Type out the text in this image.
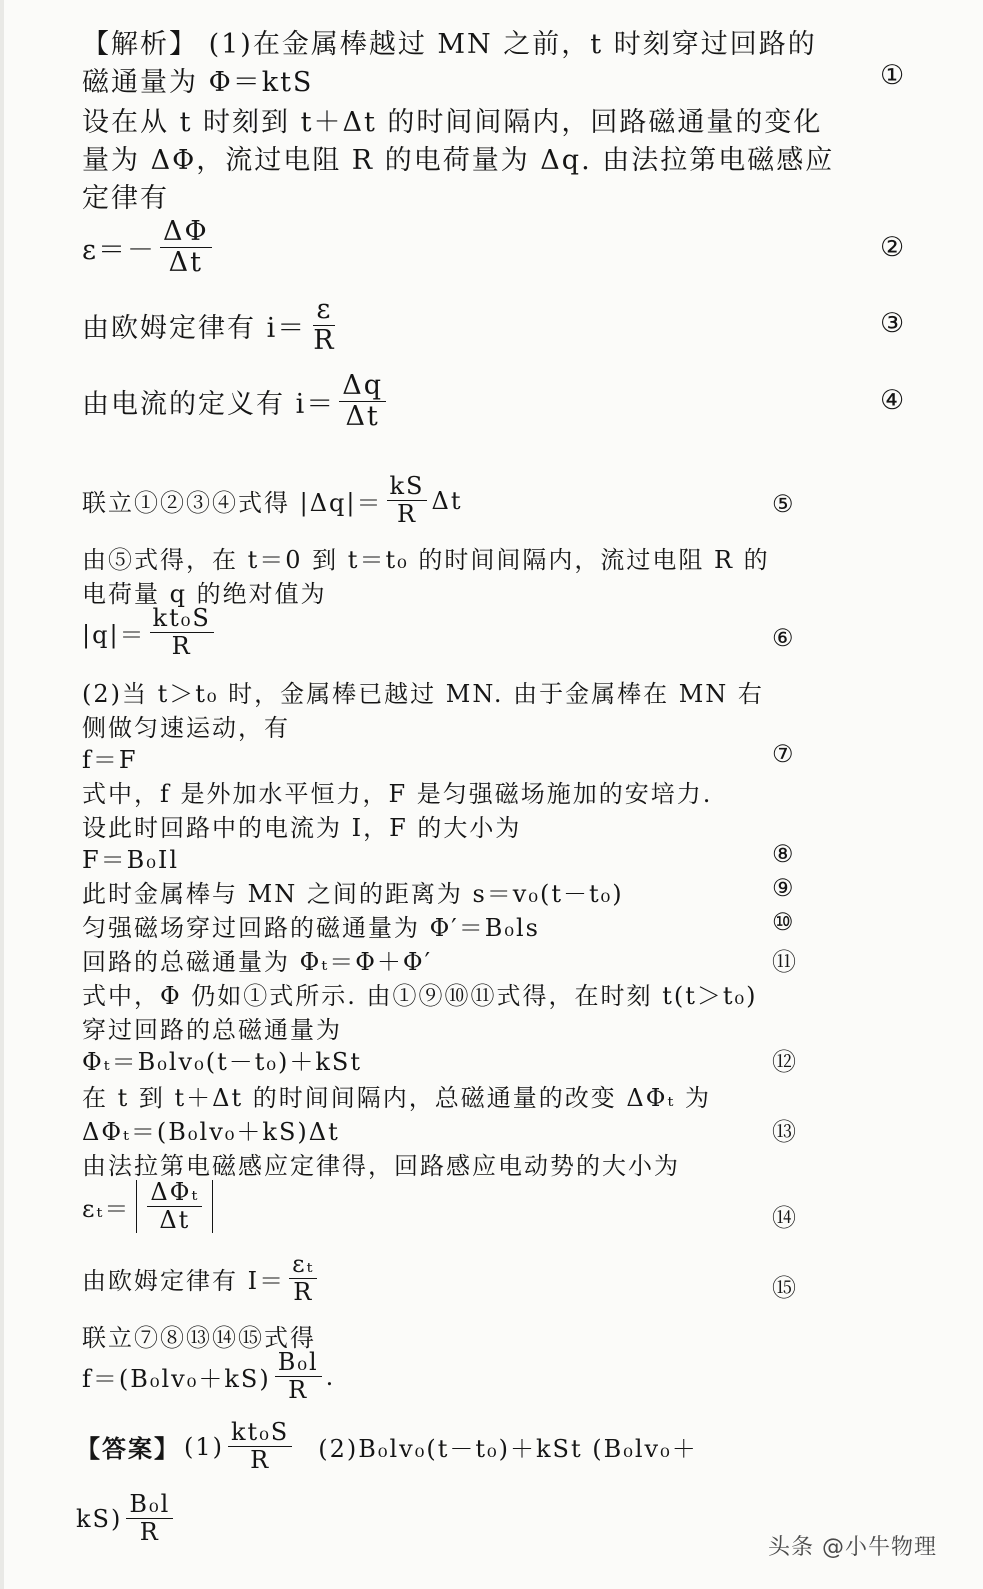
【解析】 (1)在金属棒越过 MN 之前，t 时刻穿过回路的
磁通量为 Φ＝ktS	①
设在从 t 时刻到 t＋Δt 的时间间隔内，回路磁通量的变化
量为 ΔΦ，流过电阻 R 的电荷量为 Δq. 由法拉第电磁感应
定律有
$\varepsilon=- \frac{\Delta\Phi}{\Delta t}$	②
由欧姆定律有 $i= \frac{\varepsilon}{R}$	③
由电流的定义有 $i= \frac{\Delta q}{\Delta t}$	④
联立①②③④式得 $|\Delta q|= \frac{kS}{R}$ Δt	⑤
由⑤式得，在 t＝0 到 t＝t₀ 的时间间隔内，流过电阻 R 的
电荷量 q 的绝对值为
$|q|= \frac{\text{kt₀S}}{R}$	⑥
(2)当 t＞t₀ 时，金属棒已越过 MN. 由于金属棒在 MN 右
侧做匀速运动，有
f＝F	⑦
式中，f 是外加水平恒力，F 是匀强磁场施加的安培力.
设此时回路中的电流为 I，F 的大小为
F＝B₀Il	⑧
此时金属棒与 MN 之间的距离为 s＝v₀(t－t₀)	⑨
匀强磁场穿过回路的磁通量为 Φ′＝B₀ls	⑩
回路的总磁通量为 Φₜ＝Φ＋Φ′	⑪
式中，Φ 仍如①式所示. 由①⑨⑩⑪式得，在时刻 t(t＞t₀)
穿过回路的总磁通量为
Φₜ＝B₀lv₀(t－t₀)＋kSt	⑫
在 t 到 t＋Δt 的时间间隔内，总磁通量的改变 ΔΦₜ 为
ΔΦₜ＝(B₀lv₀＋kS)Δt	⑬
由法拉第电磁感应定律得，回路感应电动势的大小为
$\varepsilon_t= \frac{\text{ΔΦₜ}}{\Delta t}$	⑭
由欧姆定律有 $I= \frac{\text{εₜ}}{R}$	⑮
联立⑦⑧⑬⑭⑮式得
$f=(B_0lv_0+kS) \frac{\text{B₀l}}{R}$ .
【答案】 $(1) \frac{\text{kt₀S}}{R} (2)B_0lv_0(t-t_0)+kSt$ (B₀lv₀＋
$kS) \frac{\text{B₀l}}{R}$
头条 @小牛物理
